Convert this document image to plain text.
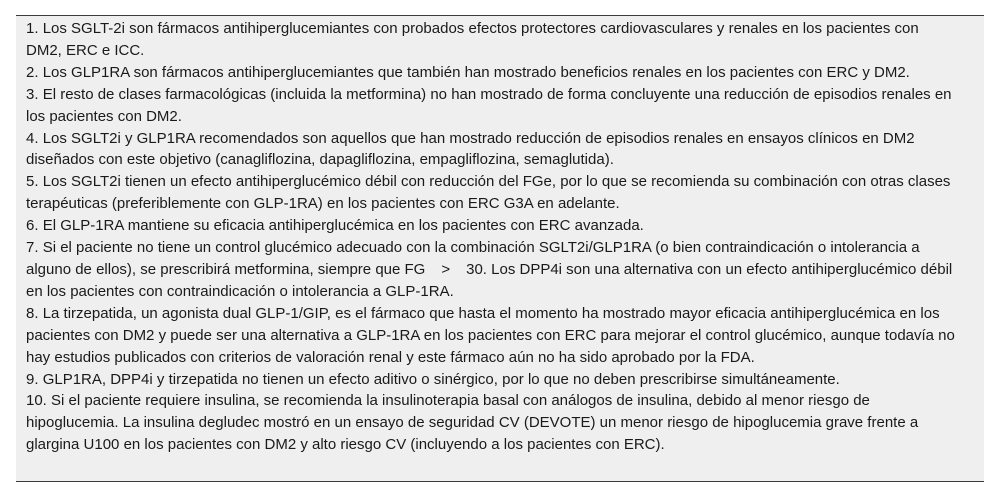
1. Los SGLT-2i son fármacos antihiperglucemiantes con probados efectos protectores cardiovasculares y renales en los pacientes con DM2, ERC e ICC.
2. Los GLP1RA son fármacos antihiperglucemiantes que también han mostrado beneficios renales en los pacientes con ERC y DM2.
3. El resto de clases farmacológicas (incluida la metformina) no han mostrado de forma concluyente una reducción de episodios renales en los pacientes con DM2.
4. Los SGLT2i y GLP1RA recomendados son aquellos que han mostrado reducción de episodios renales en ensayos clínicos en DM2 diseñados con este objetivo (canagliflozina, dapagliflozina, empagliflozina, semaglutida).
5. Los SGLT2i tienen un efecto antihiperglucémico débil con reducción del FGe, por lo que se recomienda su combinación con otras clases terapéuticas (preferiblemente con GLP-1RA) en los pacientes con ERC G3A en adelante.
6. El GLP-1RA mantiene su eficacia antihiperglucémica en los pacientes con ERC avanzada.
7. Si el paciente no tiene un control glucémico adecuado con la combinación SGLT2i/GLP1RA (o bien contraindicación o intolerancia a alguno de ellos), se prescribirá metformina, siempre que FG > 30. Los DPP4i son una alternativa con un efecto antihiperglucémico débil en los pacientes con contraindicación o intolerancia a GLP-1RA.
8. La tirzepatida, un agonista dual GLP-1/GIP, es el fármaco que hasta el momento ha mostrado mayor eficacia antihiperglucémica en los pacientes con DM2 y puede ser una alternativa a GLP-1RA en los pacientes con ERC para mejorar el control glucémico, aunque todavía no hay estudios publicados con criterios de valoración renal y este fármaco aún no ha sido aprobado por la FDA.
9. GLP1RA, DPP4i y tirzepatida no tienen un efecto aditivo o sinérgico, por lo que no deben prescribirse simultáneamente.
10. Si el paciente requiere insulina, se recomienda la insulinoterapia basal con análogos de insulina, debido al menor riesgo de hipoglucemia. La insulina degludec mostró en un ensayo de seguridad CV (DEVOTE) un menor riesgo de hipoglucemia grave frente a glargina U100 en los pacientes con DM2 y alto riesgo CV (incluyendo a los pacientes con ERC).
